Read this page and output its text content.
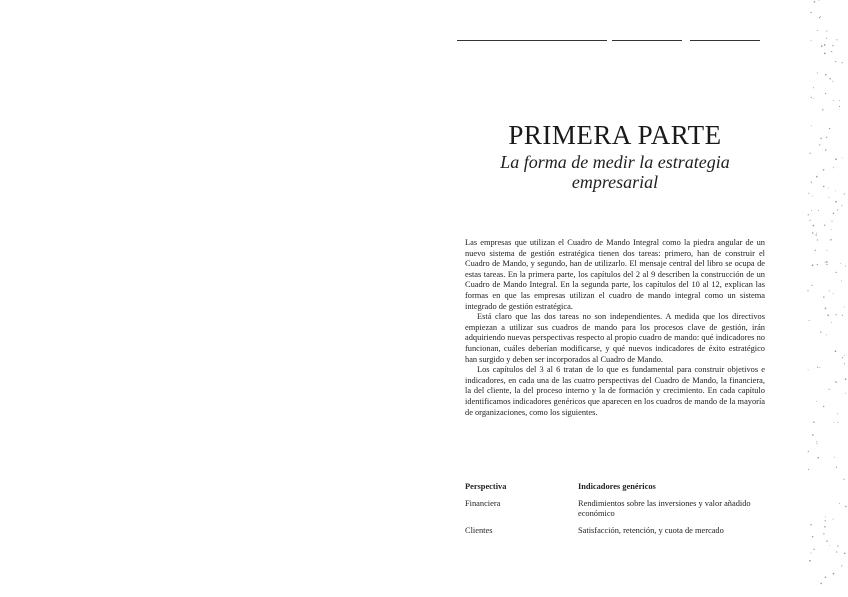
PRIMERA PARTE
La forma de medir la estrategia
empresarial

Las empresas que utilizan el Cuadro de Mando Integral como la piedra angular de un nuevo sistema de gestión estratégica tienen dos tareas: primero, han de construir el Cuadro de Mando, y segundo, han de utilizarlo. El mensaje central del libro se ocupa de estas tareas. En la primera parte, los capítulos del 2 al 9 describen la construcción de un Cuadro de Mando Integral. En la segunda parte, los capítulos del 10 al 12, explican las formas en que las empresas utilizan el cuadro de mando integral como un sistema integrado de gestión estratégica.

Está claro que las dos tareas no son independientes. A medida que los directivos empiezan a utilizar sus cuadros de mando para los procesos clave de gestión, irán adquiriendo nuevas perspectivas respecto al propio cuadro de mando: qué indicadores no funcionan, cuáles deberían modificarse, y qué nuevos indicadores de éxito estratégico han surgido y deben ser incorporados al Cuadro de Mando.

Los capítulos del 3 al 6 tratan de lo que es fundamental para construir objetivos e indicadores, en cada una de las cuatro perspectivas del Cuadro de Mando, la financiera, la del cliente, la del proceso interno y la de formación y crecimiento. En cada capítulo identificamos indicadores genéricos que aparecen en los cuadros de mando de la mayoría de organizaciones, como los siguientes.

Perspectiva	Indicadores genéricos
Financiera	Rendimientos sobre las inversiones y valor añadido económico
Clientes	Satisfacción, retención, y cuota de mercado
